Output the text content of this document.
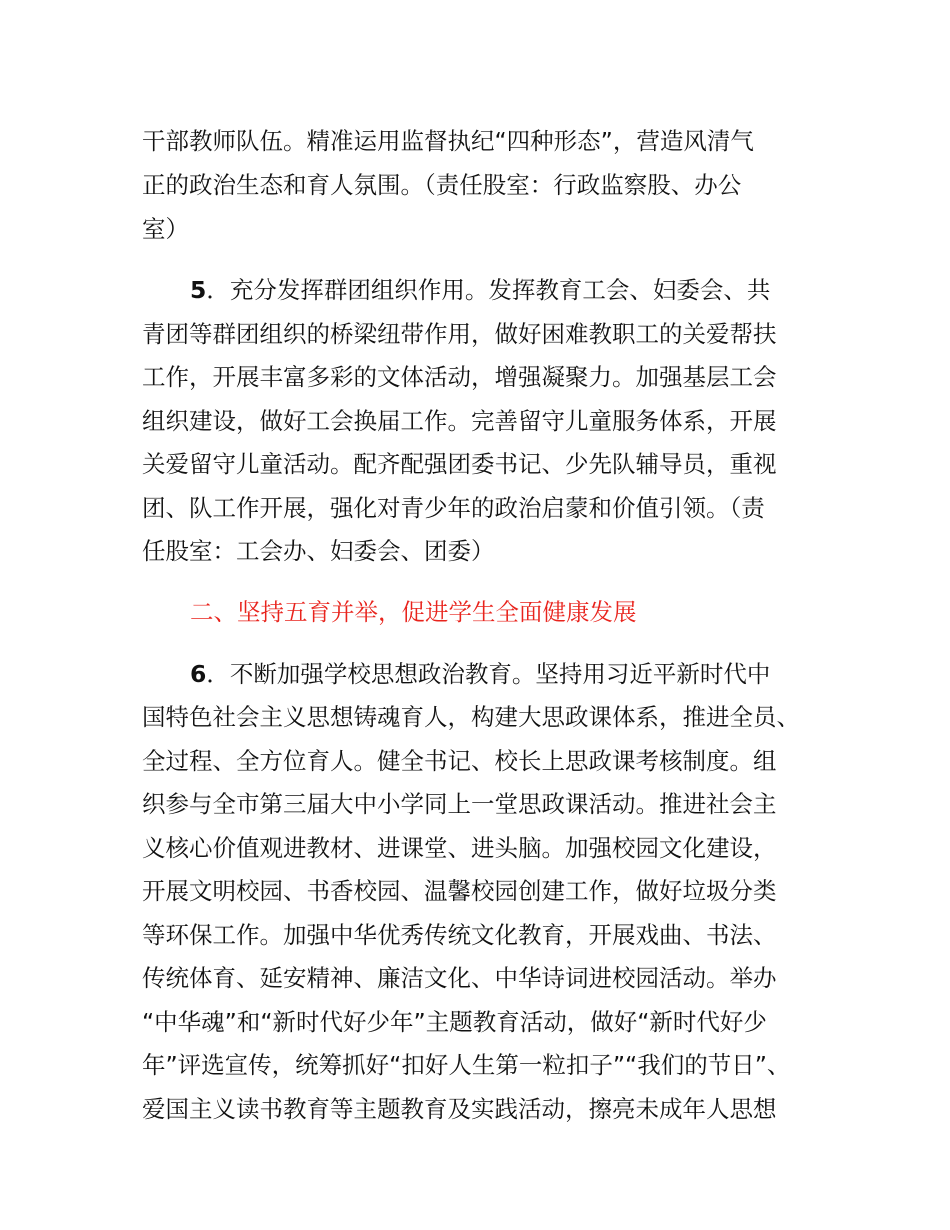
干部教师队伍。精准运用监督执纪“四种形态”，营造风清气
正的政治生态和育人氛围。（责任股室：行政监察股、办公
室）
5．充分发挥群团组织作用。发挥教育工会、妇委会、共
青团等群团组织的桥梁纽带作用，做好困难教职工的关爱帮扶
工作，开展丰富多彩的文体活动，增强凝聚力。加强基层工会
组织建设，做好工会换届工作。完善留守儿童服务体系，开展
关爱留守儿童活动。配齐配强团委书记、少先队辅导员，重视
团、队工作开展，强化对青少年的政治启蒙和价值引领。（责
任股室：工会办、妇委会、团委）
二、坚持五育并举，促进学生全面健康发展
6．不断加强学校思想政治教育。坚持用习近平新时代中
国特色社会主义思想铸魂育人，构建大思政课体系，推进全员、
全过程、全方位育人。健全书记、校长上思政课考核制度。组
织参与全市第三届大中小学同上一堂思政课活动。推进社会主
义核心价值观进教材、进课堂、进头脑。加强校园文化建设，
开展文明校园、书香校园、温馨校园创建工作，做好垃圾分类
等环保工作。加强中华优秀传统文化教育，开展戏曲、书法、
传统体育、延安精神、廉洁文化、中华诗词进校园活动。举办
“中华魂”和“新时代好少年”主题教育活动，做好“新时代好少
年”评选宣传，统筹抓好“扣好人生第一粒扣子”“我们的节日”、
爱国主义读书教育等主题教育及实践活动，擦亮未成年人思想
